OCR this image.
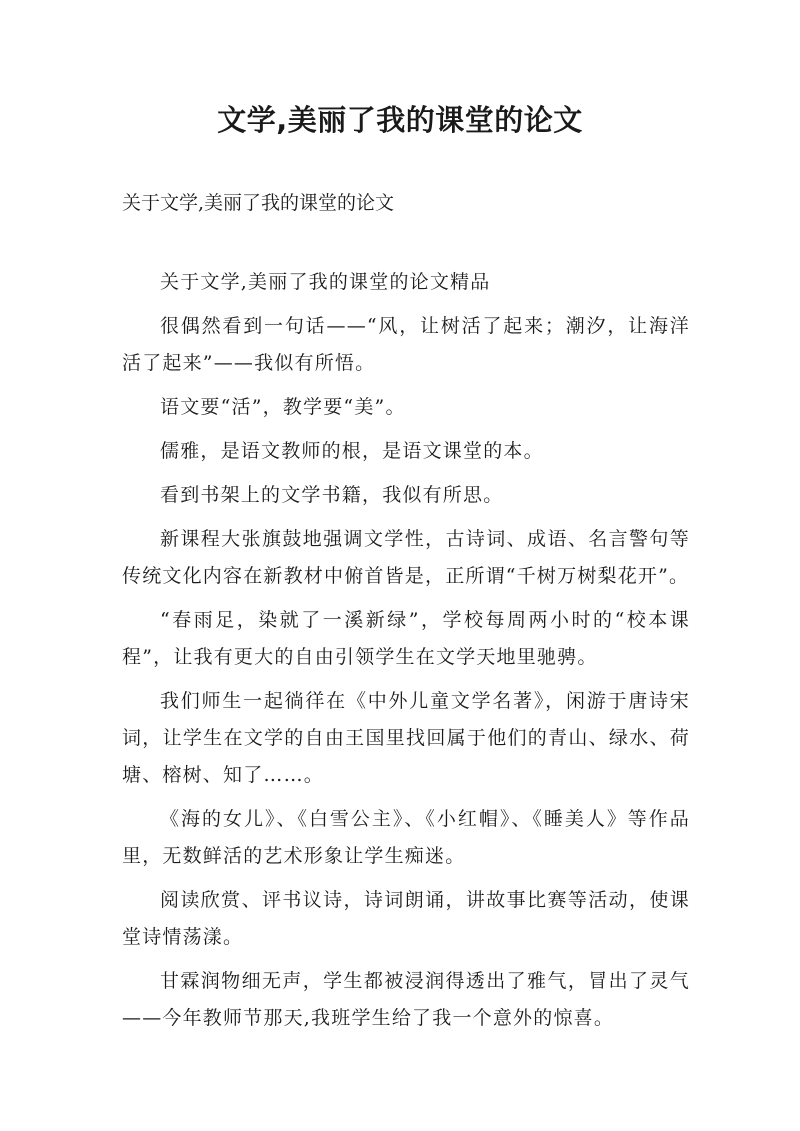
文学,美丽了我的课堂的论文
关于文学,美丽了我的课堂的论文

关于文学,美丽了我的课堂的论文精品

很偶然看到一句话——“风，让树活了起来；潮汐，让海洋活了起来”——我似有所悟。

语文要“活”，教学要“美”。

儒雅，是语文教师的根，是语文课堂的本。

看到书架上的文学书籍，我似有所思。

新课程大张旗鼓地强调文学性，古诗词、成语、名言警句等传统文化内容在新教材中俯首皆是，正所谓“千树万树梨花开”。

“春雨足，染就了一溪新绿”，学校每周两小时的“校本课程”，让我有更大的自由引领学生在文学天地里驰骋。

我们师生一起徜徉在《中外儿童文学名著》，闲游于唐诗宋词，让学生在文学的自由王国里找回属于他们的青山、绿水、荷塘、榕树、知了……。

《海的女儿》、《白雪公主》、《小红帽》、《睡美人》等作品里，无数鲜活的艺术形象让学生痴迷。

阅读欣赏、评书议诗，诗词朗诵，讲故事比赛等活动，使课堂诗情荡漾。

甘霖润物细无声，学生都被浸润得透出了雅气，冒出了灵气——今年教师节那天,我班学生给了我一个意外的惊喜。
